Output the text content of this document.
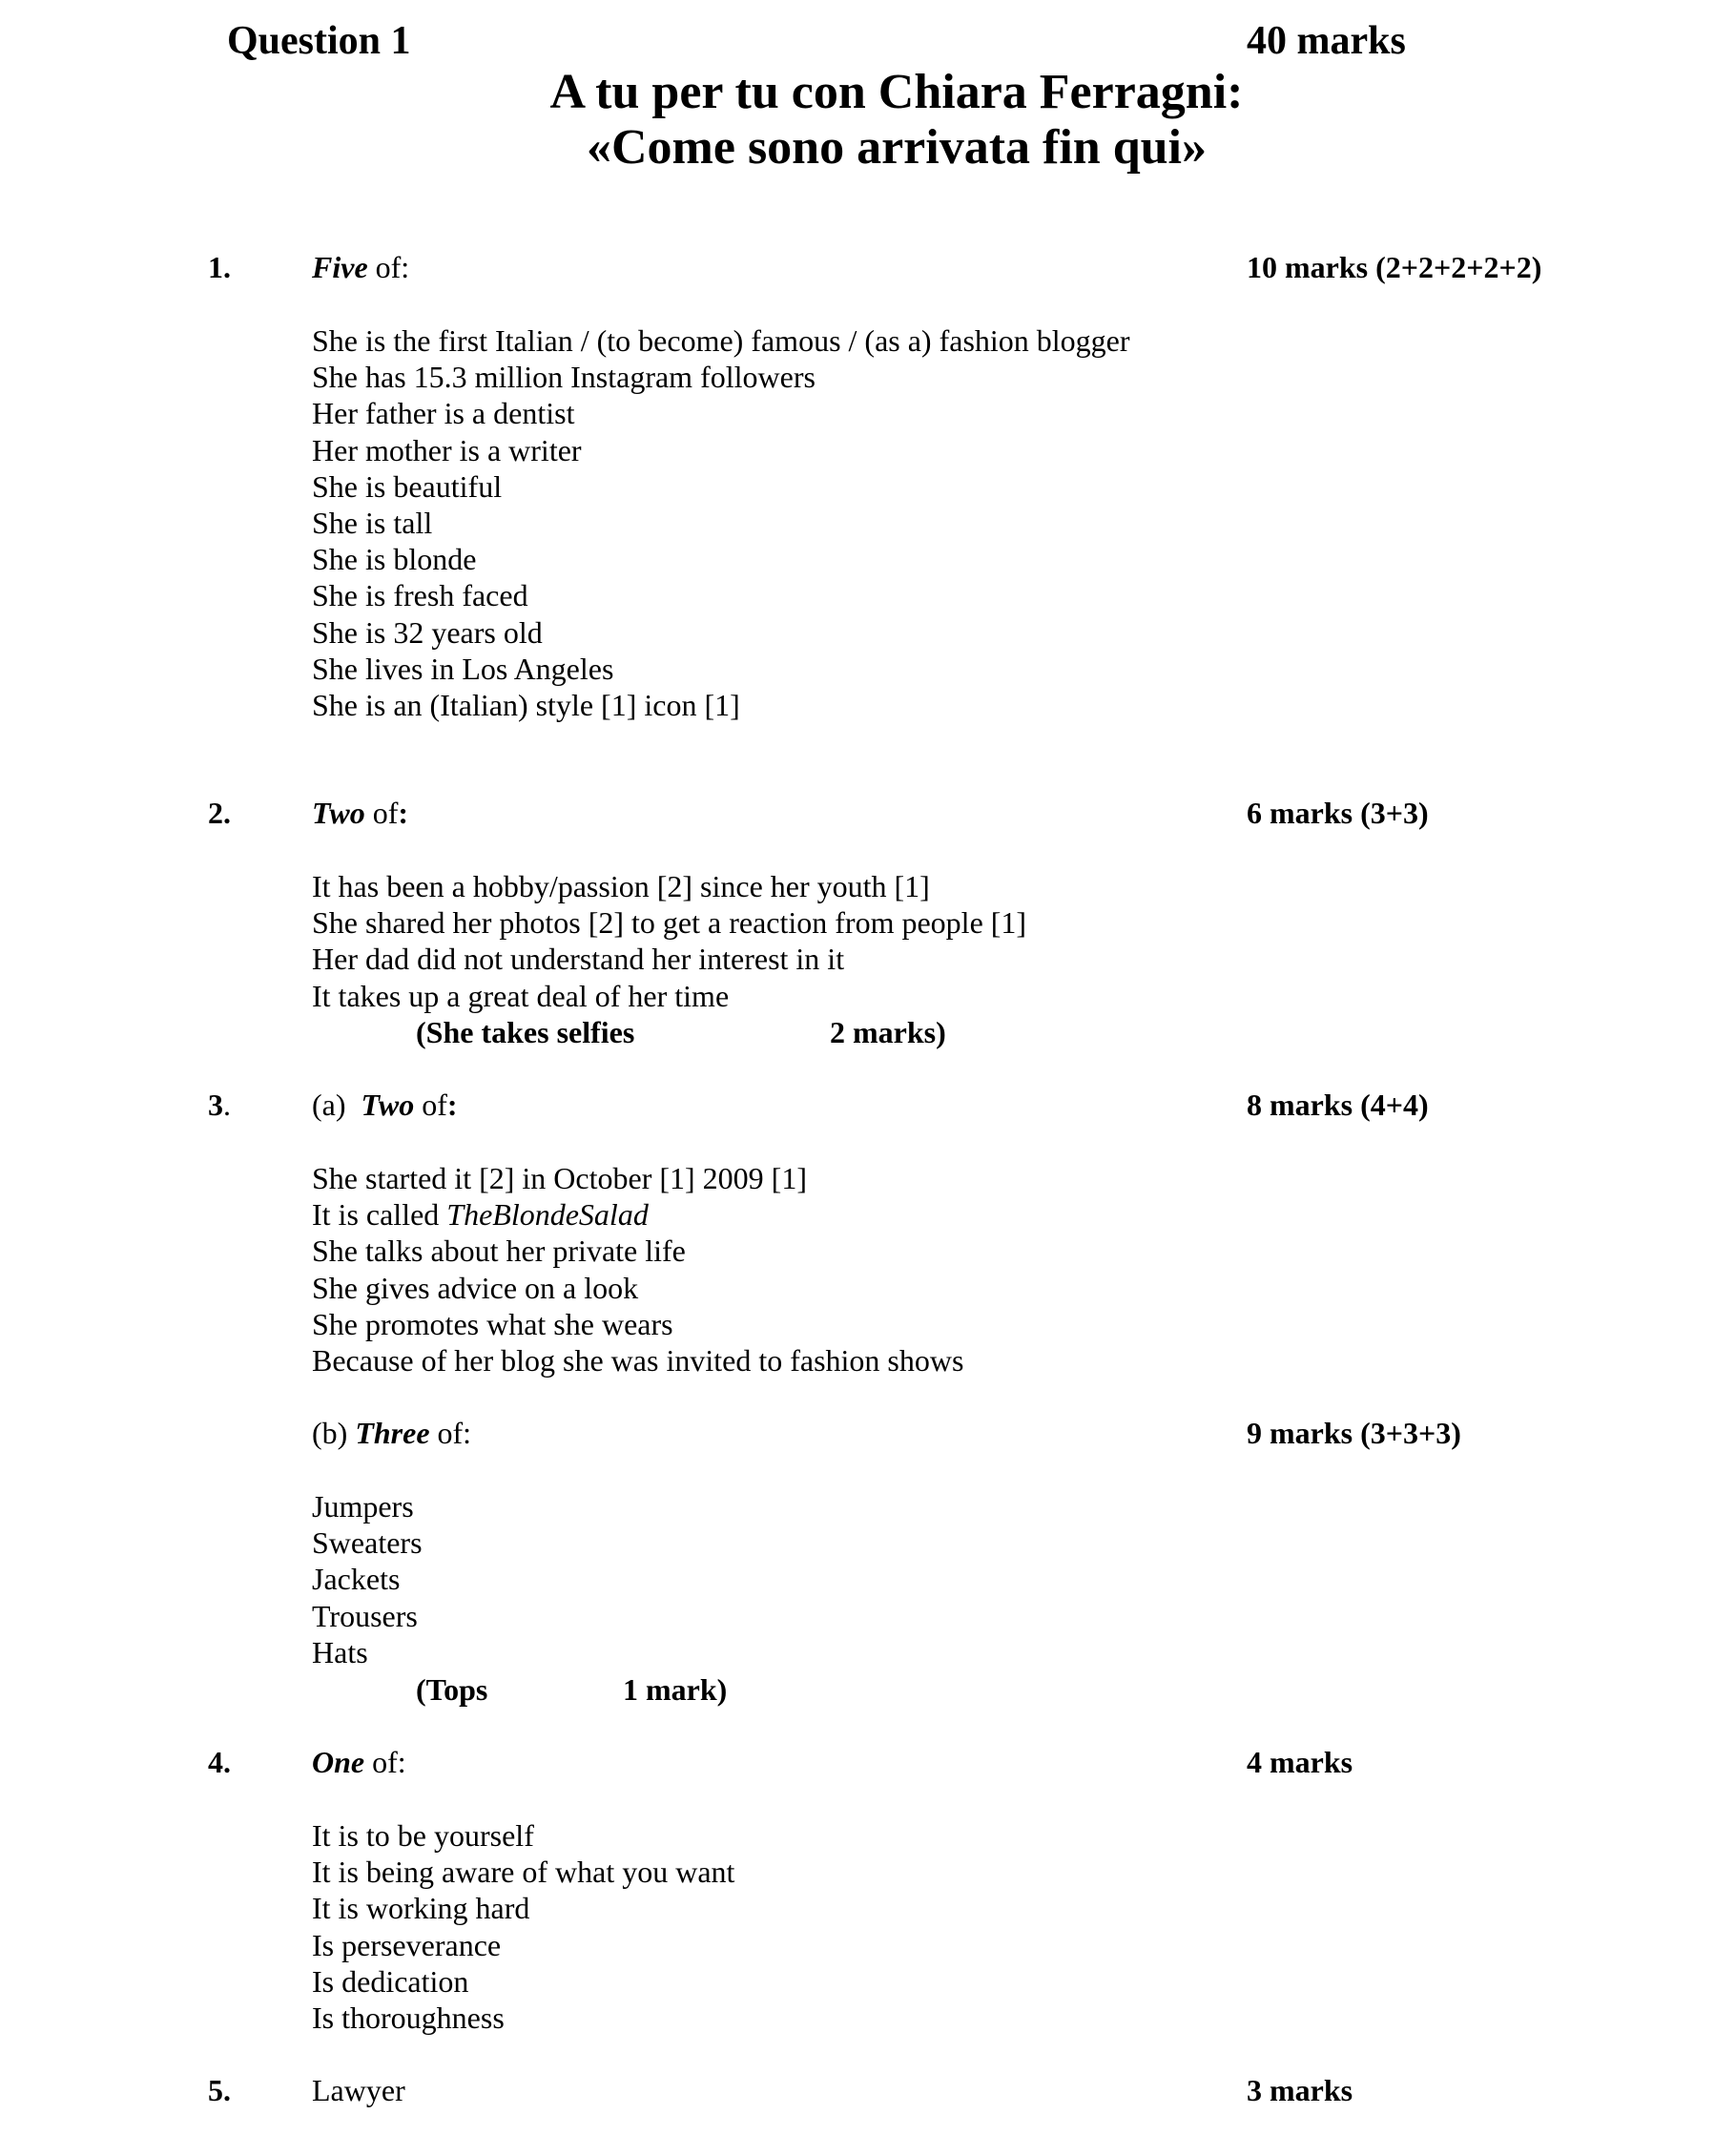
Question 1	40 marks
A tu per tu con Chiara Ferragni:
«Come sono arrivata fin qui»
1.	Five of:	10 marks (2+2+2+2+2)
She is the first Italian / (to become) famous / (as a) fashion blogger
She has 15.3 million Instagram followers
Her father is a dentist
Her mother is a writer
She is beautiful
She is tall
She is blonde
She is fresh faced
She is 32 years old
She lives in Los Angeles
She is an (Italian) style [1] icon [1]
2.	Two of:	6 marks (3+3)
It has been a hobby/passion [2] since her youth [1]
She shared her photos [2] to get a reaction from people [1]
Her dad did not understand her interest in it
It takes up a great deal of her time
(She takes selfies	2 marks)
3.	(a) Two of:	8 marks (4+4)
She started it [2] in October [1] 2009 [1]
It is called TheBlondeSalad
She talks about her private life
She gives advice on a look
She promotes what she wears
Because of her blog she was invited to fashion shows
(b) Three of:	9 marks (3+3+3)
Jumpers
Sweaters
Jackets
Trousers
Hats
(Tops	1 mark)
4.	One of:	4 marks
It is to be yourself
It is being aware of what you want
It is working hard
Is perseverance
Is dedication
Is thoroughness
5.	Lawyer	3 marks
